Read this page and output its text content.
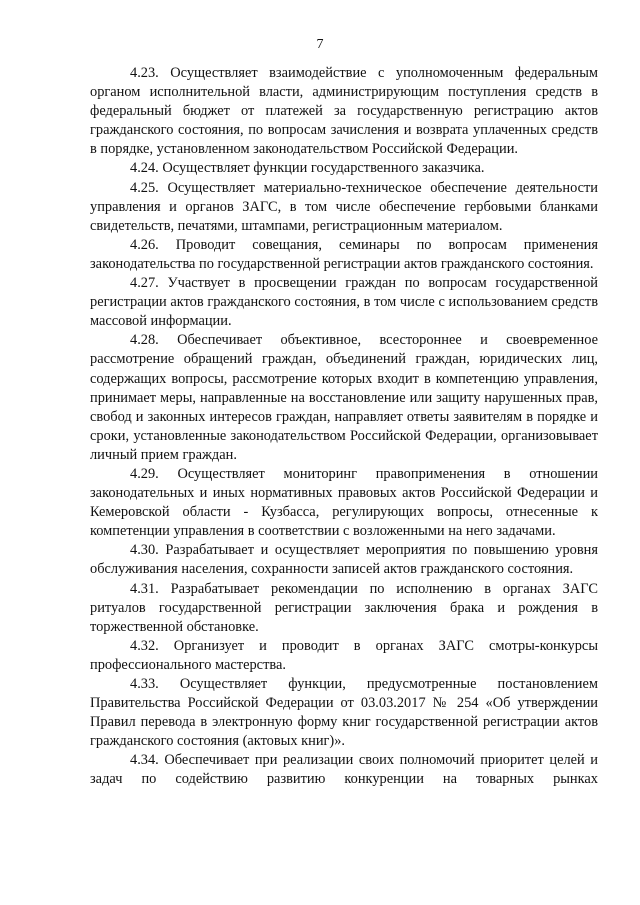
7

4.23. Осуществляет взаимодействие с уполномоченным федеральным органом исполнительной власти, администрирующим поступления средств в федеральный бюджет от платежей за государственную регистрацию актов гражданского состояния, по вопросам зачисления и возврата уплаченных средств в порядке, установленном законодательством Российской Федерации.

4.24. Осуществляет функции государственного заказчика.

4.25. Осуществляет материально-техническое обеспечение деятельности управления и органов ЗАГС, в том числе обеспечение гербовыми бланками свидетельств, печатями, штампами, регистрационным материалом.

4.26. Проводит совещания, семинары по вопросам применения законодательства по государственной регистрации актов гражданского состояния.

4.27. Участвует в просвещении граждан по вопросам государственной регистрации актов гражданского состояния, в том числе с использованием средств массовой информации.

4.28. Обеспечивает объективное, всестороннее и своевременное рассмотрение обращений граждан, объединений граждан, юридических лиц, содержащих вопросы, рассмотрение которых входит в компетенцию управления, принимает меры, направленные на восстановление или защиту нарушенных прав, свобод и законных интересов граждан, направляет ответы заявителям в порядке и сроки, установленные законодательством Российской Федерации, организовывает личный прием граждан.

4.29. Осуществляет мониторинг правоприменения в отношении законодательных и иных нормативных правовых актов Российской Федерации и Кемеровской области - Кузбасса, регулирующих вопросы, отнесенные к компетенции управления в соответствии с возложенными на него задачами.

4.30. Разрабатывает и осуществляет мероприятия по повышению уровня обслуживания населения, сохранности записей актов гражданского состояния.

4.31. Разрабатывает рекомендации по исполнению в органах ЗАГС ритуалов государственной регистрации заключения брака и рождения в торжественной обстановке.

4.32. Организует и проводит в органах ЗАГС смотры-конкурсы профессионального мастерства.

4.33. Осуществляет функции, предусмотренные постановлением Правительства Российской Федерации от 03.03.2017 № 254 «Об утверждении Правил перевода в электронную форму книг государственной регистрации актов гражданского состояния (актовых книг)».

4.34. Обеспечивает при реализации своих полномочий приоритет целей и задач по содействию развитию конкуренции на товарных рынках
